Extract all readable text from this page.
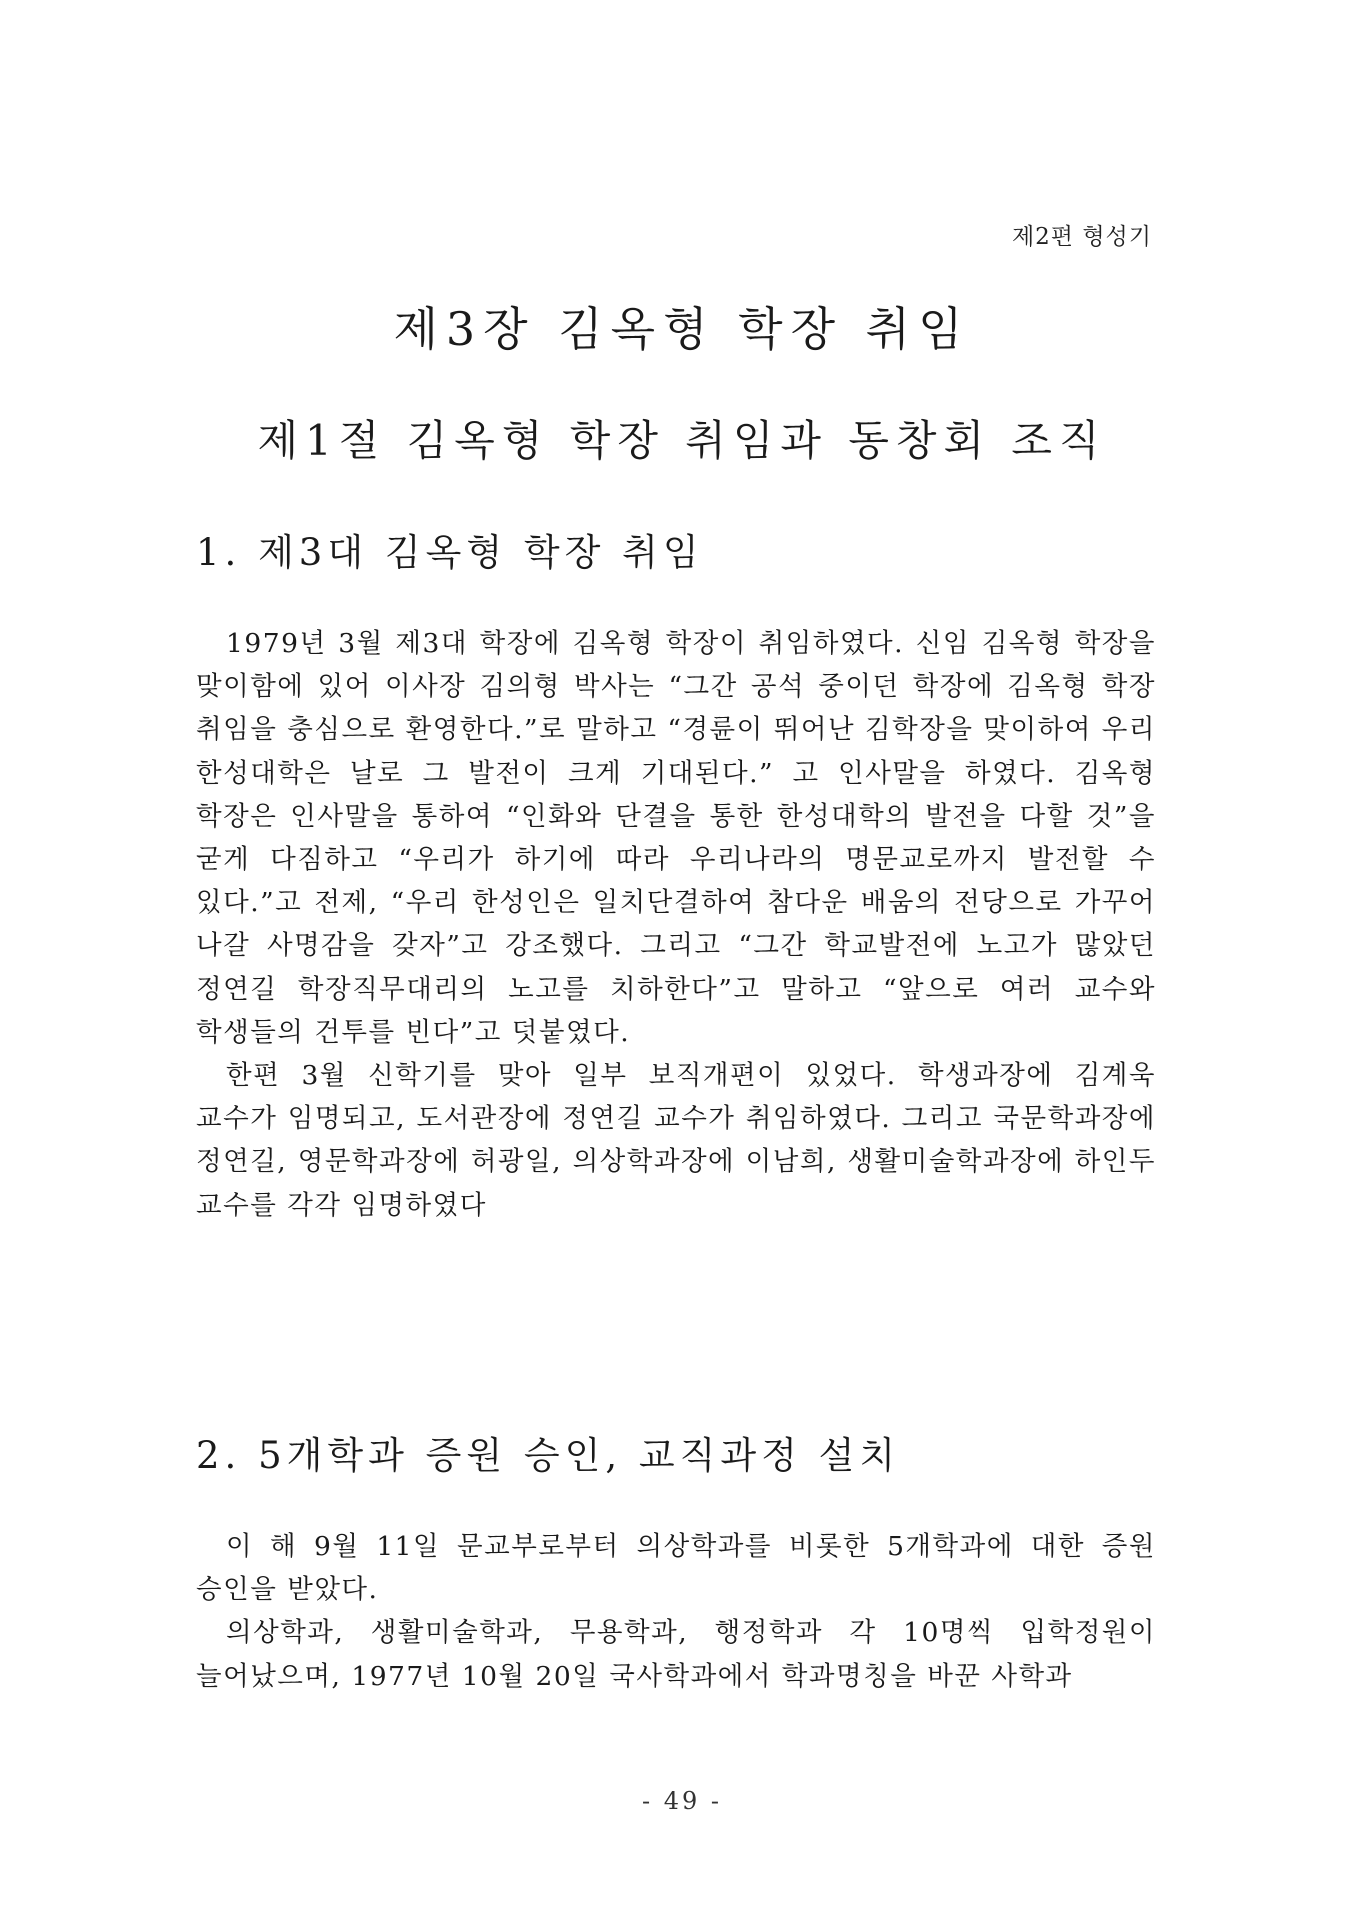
제2편 형성기
제3장 김옥형 학장 취임
제1절 김옥형 학장 취임과 동창회 조직
1. 제3대 김옥형 학장 취임

1979년 3월 제3대 학장에 김옥형 학장이 취임하였다. 신임 김옥형 학장을 맞이함에 있어 이사장 김의형 박사는 “그간 공석 중이던 학장에 김옥형 학장 취임을 충심으로 환영한다.”로 말하고 “경륜이 뛰어난 김학장을 맞이하여 우리 한성대학은 날로 그 발전이 크게 기대된다.” 고 인사말을 하였다. 김옥형 학장은 인사말을 통하여 “인화와 단결을 통한 한성대학의 발전을 다할 것”을 굳게 다짐하고 “우리가 하기에 따라 우리나라의 명문교로까지 발전할 수 있다.”고 전제, “우리 한성인은 일치단결하여 참다운 배움의 전당으로 가꾸어 나갈 사명감을 갖자”고 강조했다. 그리고 “그간 학교발전에 노고가 많았던 정연길 학장직무대리의 노고를 치하한다”고 말하고 “앞으로 여러 교수와 학생들의 건투를 빈다”고 덧붙였다.

한편 3월 신학기를 맞아 일부 보직개편이 있었다. 학생과장에 김계욱 교수가 임명되고, 도서관장에 정연길 교수가 취임하였다. 그리고 국문학과장에 정연길, 영문학과장에 허광일, 의상학과장에 이남희, 생활미술학과장에 하인두 교수를 각각 임명하였다

2. 5개학과 증원 승인, 교직과정 설치

이 해 9월 11일 문교부로부터 의상학과를 비롯한 5개학과에 대한 증원 승인을 받았다.

의상학과, 생활미술학과, 무용학과, 행정학과 각 10명씩 입학정원이 늘어났으며, 1977년 10월 20일 국사학과에서 학과명칭을 바꾼 사학과

- 49 -
